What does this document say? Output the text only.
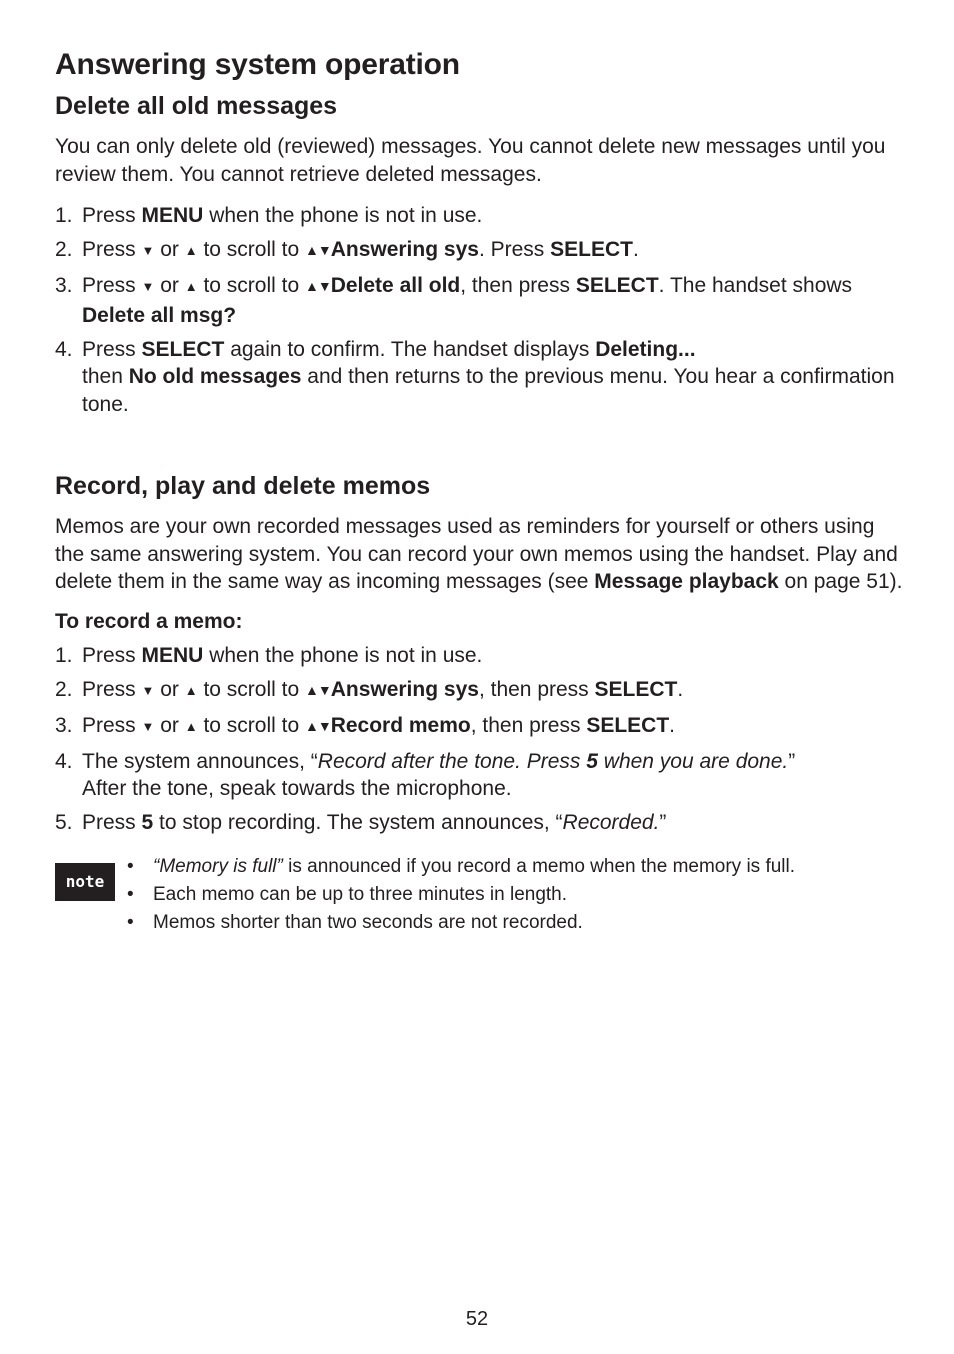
Answering system operation
Delete all old messages

You can only delete old (reviewed) messages. You cannot delete new messages until you review them. You cannot retrieve deleted messages.

1. Press MENU when the phone is not in use.
2. Press ▼ or ▲ to scroll to ▲▼Answering sys. Press SELECT.
3. Press ▼ or ▲ to scroll to ▲▼Delete all old, then press SELECT. The handset shows Delete all msg?
4. Press SELECT again to confirm. The handset displays Deleting...
then No old messages and then returns to the previous menu. You hear a confirmation tone.
Record, play and delete memos

Memos are your own recorded messages used as reminders for yourself or others using the same answering system. You can record your own memos using the handset. Play and delete them in the same way as incoming messages (see Message playback on page 51).

To record a memo:
1. Press MENU when the phone is not in use.
2. Press ▼ or ▲ to scroll to ▲▼Answering sys, then press SELECT.
3. Press ▼ or ▲ to scroll to ▲▼Record memo, then press SELECT.
4. The system announces, “Record after the tone. Press 5 when you are done.”
After the tone, speak towards the microphone.
5. Press 5 to stop recording. The system announces, “Recorded.”
note
•	“Memory is full” is announced if you record a memo when the memory is full.
•	Each memo can be up to three minutes in length.
•	Memos shorter than two seconds are not recorded.
52
